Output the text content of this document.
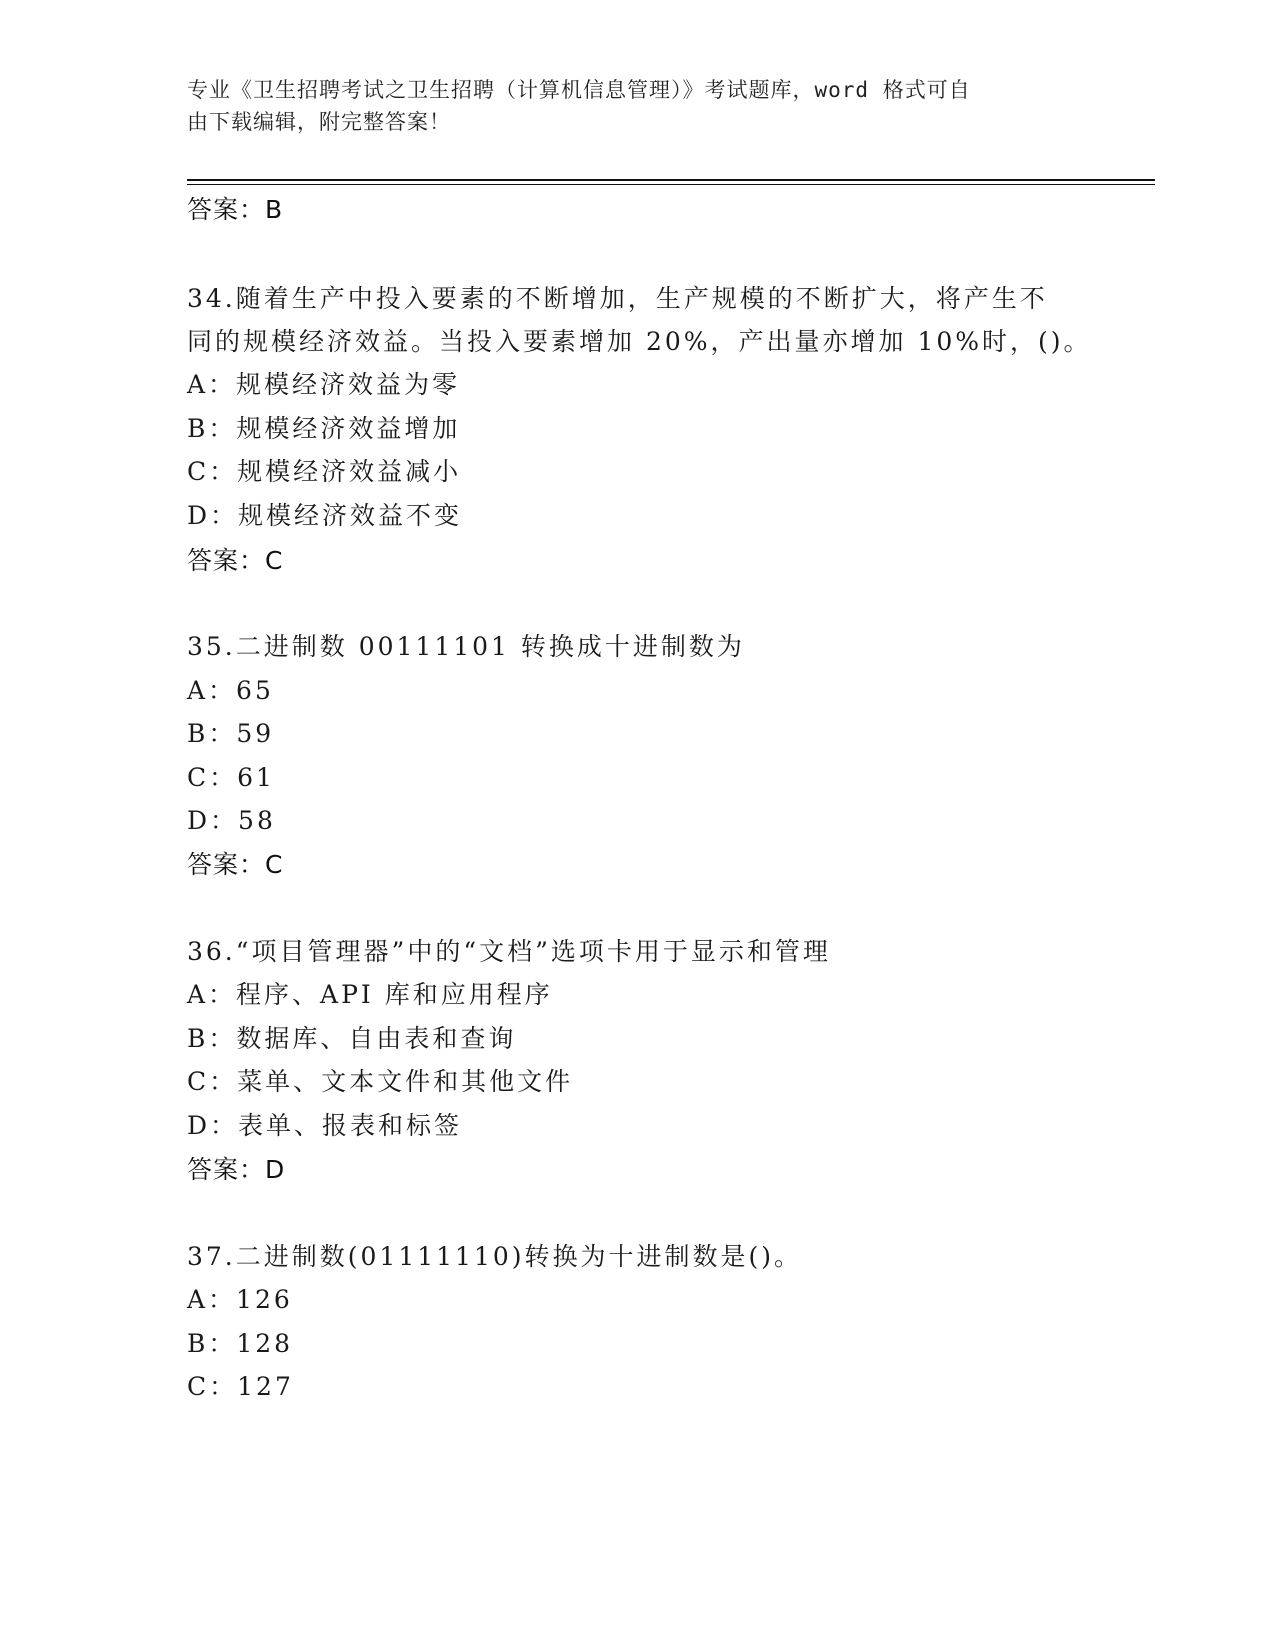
专业《卫生招聘考试之卫生招聘（计算机信息管理）》考试题库，word 格式可自
由下载编辑，附完整答案！
答案：B
34.随着生产中投入要素的不断增加，生产规模的不断扩大，将产生不
同的规模经济效益。当投入要素增加 20%，产出量亦增加 10%时，()。
A：规模经济效益为零
B：规模经济效益增加
C：规模经济效益减小
D：规模经济效益不变
答案：C
35.二进制数 00111101 转换成十进制数为
A：65
B：59
C：61
D：58
答案：C
36.“项目管理器”中的“文档”选项卡用于显示和管理
A：程序、API 库和应用程序
B：数据库、自由表和查询
C：菜单、文本文件和其他文件
D：表单、报表和标签
答案：D
37.二进制数(01111110)转换为十进制数是()。
A：126
B：128
C：127
